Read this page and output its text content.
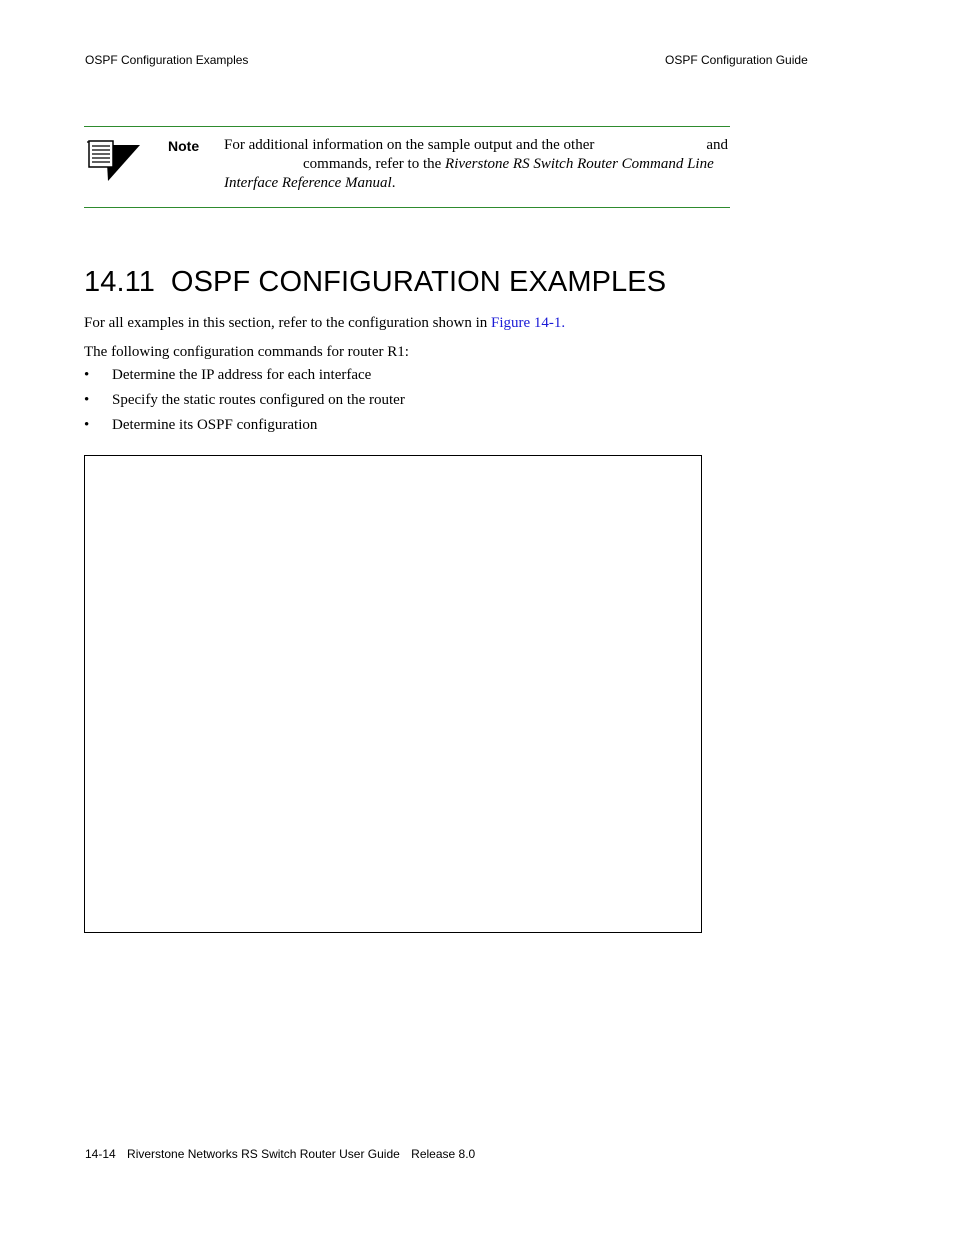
OSPF Configuration Examples	OSPF Configuration Guide
Note For additional information on the sample output and the other	and
commands, refer to the Riverstone RS Switch Router Command Line
Interface Reference Manual.
14.11 OSPF CONFIGURATION EXAMPLES

For all examples in this section, refer to the configuration shown in Figure 14-1.

The following configuration commands for router R1:

• Determine the IP address for each interface
• Specify the static routes configured on the router
• Determine its OSPF configuration
14-14 Riverstone Networks RS Switch Router User Guide Release 8.0
